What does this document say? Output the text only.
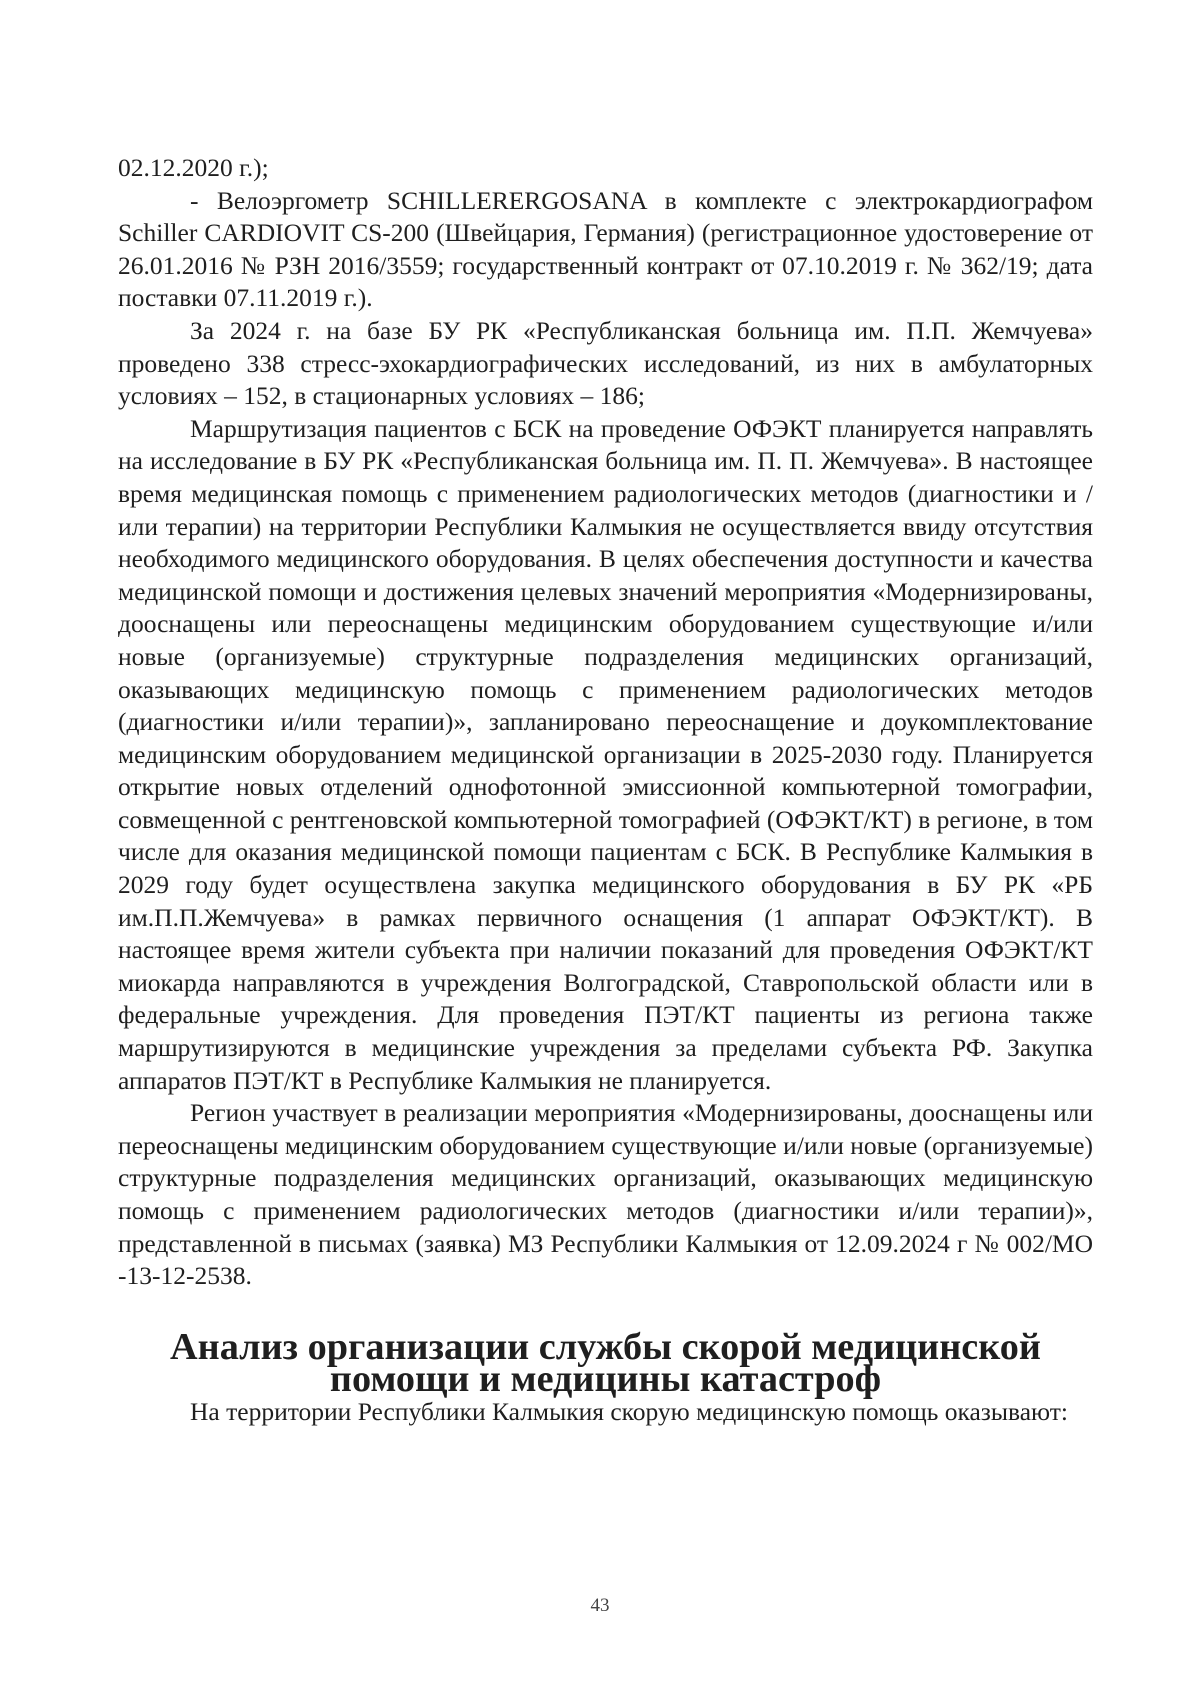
02.12.2020 г.);

- Велоэргометр SCHILLERERGOSANA в комплекте с электрокардиографом Schiller CARDIOVIT CS-200 (Швейцария, Германия) (регистрационное удостоверение от 26.01.2016 № РЗН 2016/3559; государственный контракт от 07.10.2019 г. № 362/19; дата поставки 07.11.2019 г.).

За 2024 г. на базе БУ РК «Республиканская больница им. П.П. Жемчуева» проведено 338 стресс-эхокардиографических исследований, из них в амбулаторных условиях – 152, в стационарных условиях – 186;

Маршрутизация пациентов с БСК на проведение ОФЭКТ планируется направлять на исследование в БУ РК «Республиканская больница им. П. П. Жемчуева». В настоящее время медицинская помощь с применением радиологических методов (диагностики и /или терапии) на территории Республики Калмыкия не осуществляется ввиду отсутствия необходимого медицинского оборудования. В целях обеспечения доступности и качества медицинской помощи и достижения целевых значений мероприятия «Модернизированы, дооснащены или переоснащены медицинским оборудованием существующие и/или новые (организуемые) структурные подразделения медицинских организаций, оказывающих медицинскую помощь с применением радиологических методов (диагностики и/или терапии)», запланировано переоснащение и доукомплектование медицинским оборудованием медицинской организации в 2025-2030 году. Планируется открытие новых отделений однофотонной эмиссионной компьютерной томографии, совмещенной с рентгеновской компьютерной томографией (ОФЭКТ/КТ) в регионе, в том числе для оказания медицинской помощи пациентам с БСК. В Республике Калмыкия в 2029 году будет осуществлена закупка медицинского оборудования в БУ РК «РБ им.П.П.Жемчуева» в рамках первичного оснащения (1 аппарат ОФЭКТ/КТ). В настоящее время жители субъекта при наличии показаний для проведения ОФЭКТ/КТ миокарда направляются в учреждения Волгоградской, Ставропольской области или в федеральные учреждения. Для проведения ПЭТ/КТ пациенты из региона также маршрутизируются в медицинские учреждения за пределами субъекта РФ. Закупка аппаратов ПЭТ/КТ в Республике Калмыкия не планируется.

Регион участвует в реализации мероприятия «Модернизированы, дооснащены или переоснащены медицинским оборудованием существующие и/или новые (организуемые) структурные подразделения медицинских организаций, оказывающих медицинскую помощь с применением радиологических методов (диагностики и/или терапии)», представленной в письмах (заявка) МЗ Республики Калмыкия от 12.09.2024 г № 002/МО -13-12-2538.

Анализ организации службы скорой медицинской помощи и медицины катастроф

На территории Республики Калмыкия скорую медицинскую помощь оказывают:

43
